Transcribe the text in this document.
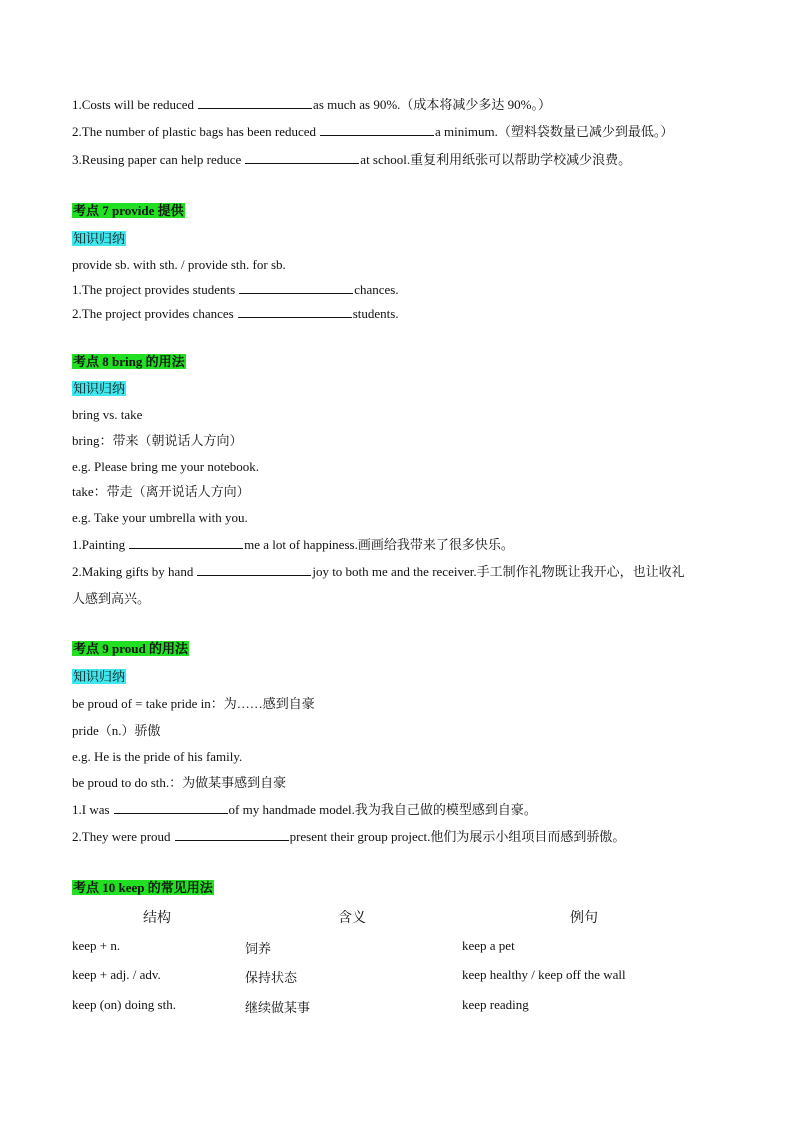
1.Costs will be reduced	as much as 90%.（成本将减少多达 90%。）
2.The number of plastic bags has been reduced	a minimum.（塑料袋数量已减少到最低。）
3.Reusing paper can help reduce	at school.重复利用纸张可以帮助学校减少浪费。
考点 7 provide 提供
知识归纳
provide sb. with sth. / provide sth. for sb.
1.The project provides students	chances.
2.The project provides chances	students.
考点 8 bring 的用法
知识归纳
bring vs. take
bring：带来（朝说话人方向）
e.g. Please bring me your notebook.
take：带走（离开说话人方向）
e.g. Take your umbrella with you.
1.Painting	me a lot of happiness.画画给我带来了很多快乐。
2.Making gifts by hand	joy to both me and the receiver.手工制作礼物既让我开心，也让收礼
人感到高兴。
考点 9 proud 的用法
知识归纳
be proud of = take pride in：为……感到自豪
pride（n.）骄傲
e.g. He is the pride of his family.
be proud to do sth.：为做某事感到自豪
1.I was	of my handmade model.我为我自己做的模型感到自豪。
2.They were proud	present their group project.他们为展示小组项目而感到骄傲。
考点 10 keep 的常见用法
结构	含义	例句
keep + n.	饲养	keep a pet
keep + adj. / adv.	保持状态	keep healthy / keep off the wall
keep (on) doing sth.	继续做某事	keep reading
